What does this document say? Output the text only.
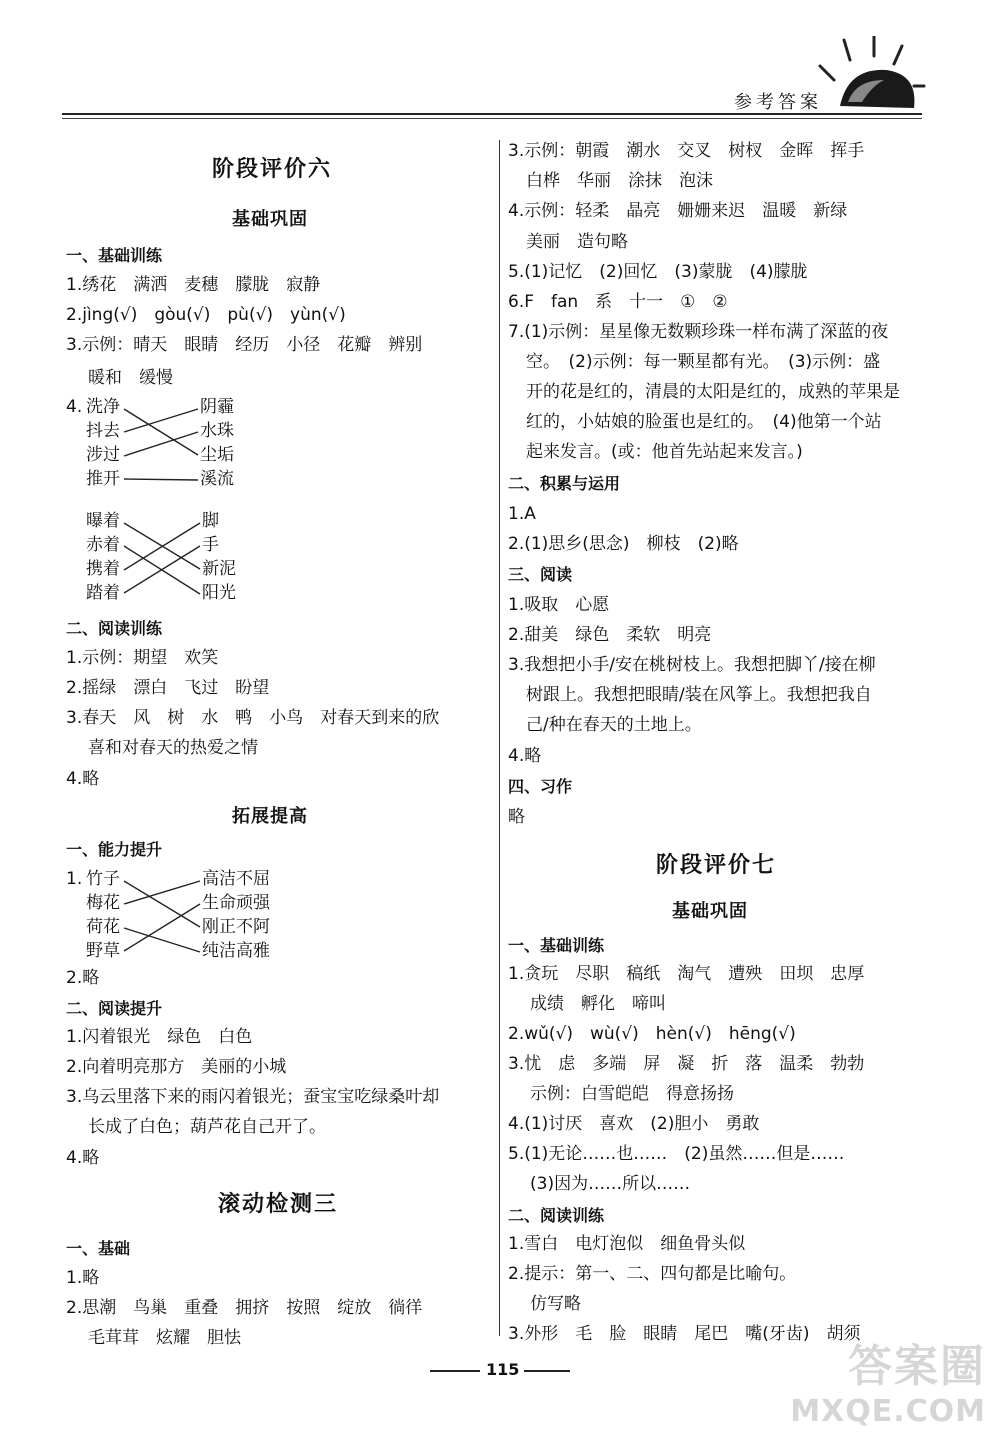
参考答案
阶段评价六
基础巩固
一、基础训练
1.绣花　满洒　麦穗　朦胧　寂静
2.jìng(√)　gòu(√)　pù(√)　yùn(√)
3.示例：晴天　眼睛　经历　小径　花瓣　辨别
暖和　缓慢
4. 洗净
抖去
涉过
推开
阴霾
水珠
尘垢
溪流
曝着
赤着
携着
踏着
脚
手
新泥
阳光
二、阅读训练
1.示例：期望　欢笑
2.摇绿　漂白　飞过　盼望
3.春天　风　树　水　鸭　小鸟　对春天到来的欣
喜和对春天的热爱之情
4.略
拓展提高
一、能力提升
1. 竹子
梅花
荷花
野草
高洁不屈
生命顽强
刚正不阿
纯洁高雅
2.略
二、阅读提升
1.闪着银光　绿色　白色
2.向着明亮那方　美丽的小城
3.乌云里落下来的雨闪着银光；蚕宝宝吃绿桑叶却
长成了白色；葫芦花自己开了。
4.略
滚动检测三
一、基础
1.略
2.思潮　鸟巢　重叠　拥挤　按照　绽放　徜徉
毛茸茸　炫耀　胆怯
3.示例：朝霞　潮水　交叉　树杈　金晖　挥手
白桦　华丽　涂抹　泡沫
4.示例：轻柔　晶亮　姗姗来迟　温暖　新绿
美丽　造句略
5.(1)记忆　(2)回忆　(3)蒙胧　(4)朦胧
6.F　fan　系　十一　①　②
7.(1)示例：星星像无数颗珍珠一样布满了深蓝的夜
空。　(2)示例：每一颗星都有光。　(3)示例：盛
开的花是红的，清晨的太阳是红的，成熟的苹果是
红的，小姑娘的脸蛋也是红的。　(4)他第一个站
起来发言。(或：他首先站起来发言。)
二、积累与运用
1.A
2.(1)思乡(思念)　柳枝　(2)略
三、阅读
1.吸取　心愿
2.甜美　绿色　柔软　明亮
3.我想把小手/安在桃树枝上。我想把脚丫/接在柳
树跟上。我想把眼睛/装在风筝上。我想把我自
己/种在春天的土地上。
4.略
四、习作
略
阶段评价七
基础巩固
一、基础训练
1.贪玩　尽职　稿纸　淘气　遭殃　田坝　忠厚
成绩　孵化　啼叫
2.wǔ(√)　wù(√)　hèn(√)　hēng(√)
3.忧　虑　多端　屏　凝　折　落　温柔　勃勃
示例：白雪皑皑　得意扬扬
4.(1)讨厌　喜欢　(2)胆小　勇敢
5.(1)无论……也……　(2)虽然……但是……
(3)因为……所以……
二、阅读训练
1.雪白　电灯泡似　细鱼骨头似
2.提示：第一、二、四句都是比喻句。
仿写略
3.外形　毛　脸　眼睛　尾巴　嘴(牙齿)　胡须
115	答案圈
MXQE.COM
